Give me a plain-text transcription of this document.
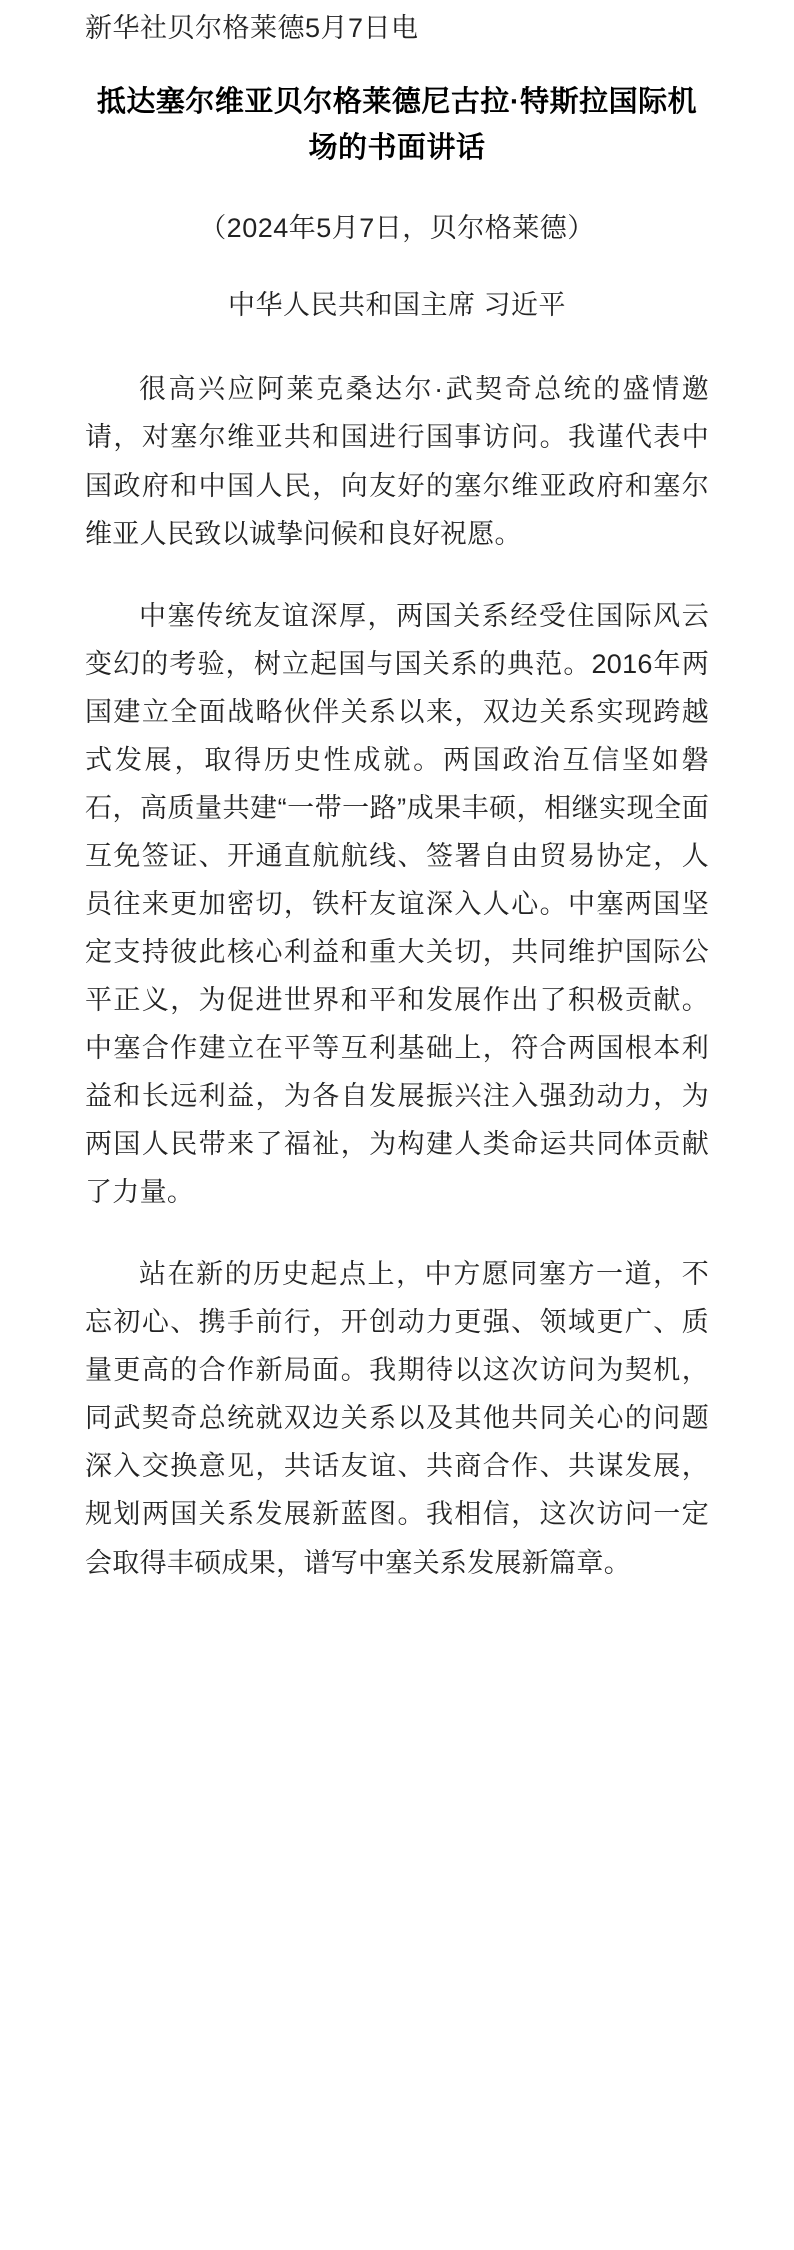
新华社贝尔格莱德5月7日电

抵达塞尔维亚贝尔格莱德尼古拉·特斯拉国际机场的书面讲话

（2024年5月7日，贝尔格莱德）

中华人民共和国主席 习近平

很高兴应阿莱克桑达尔·武契奇总统的盛情邀请，对塞尔维亚共和国进行国事访问。我谨代表中国政府和中国人民，向友好的塞尔维亚政府和塞尔维亚人民致以诚挚问候和良好祝愿。

中塞传统友谊深厚，两国关系经受住国际风云变幻的考验，树立起国与国关系的典范。2016年两国建立全面战略伙伴关系以来，双边关系实现跨越式发展，取得历史性成就。两国政治互信坚如磐石，高质量共建“一带一路”成果丰硕，相继实现全面互免签证、开通直航航线、签署自由贸易协定，人员往来更加密切，铁杆友谊深入人心。中塞两国坚定支持彼此核心利益和重大关切，共同维护国际公平正义，为促进世界和平和发展作出了积极贡献。中塞合作建立在平等互利基础上，符合两国根本利益和长远利益，为各自发展振兴注入强劲动力，为两国人民带来了福祉，为构建人类命运共同体贡献了力量。

站在新的历史起点上，中方愿同塞方一道，不忘初心、携手前行，开创动力更强、领域更广、质量更高的合作新局面。我期待以这次访问为契机，同武契奇总统就双边关系以及其他共同关心的问题深入交换意见，共话友谊、共商合作、共谋发展，规划两国关系发展新蓝图。我相信，这次访问一定会取得丰硕成果，谱写中塞关系发展新篇章。
